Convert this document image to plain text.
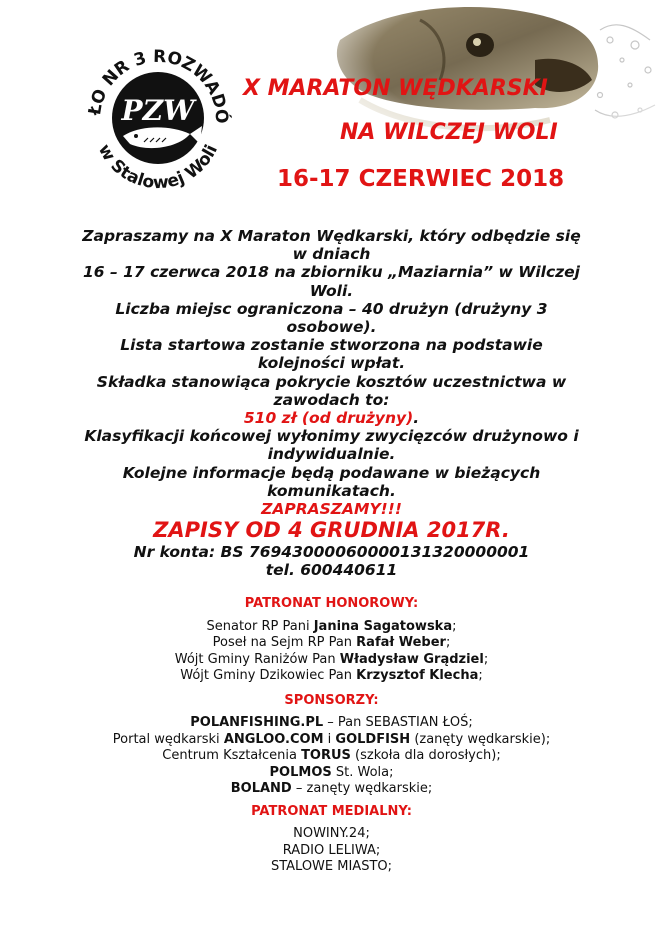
ŁO NR 3 ROZWADÓ
w Stalowej Woli
PZW
X MARATON WĘDKARSKI
NA WILCZEJ WOLI
16-17 CZERWIEC 2018

Zapraszamy na X Maraton Wędkarski, który odbędzie się

w dniach

16 – 17 czerwca 2018 na zbiorniku „Maziarnia” w Wilczej

Woli.

Liczba miejsc ograniczona – 40 drużyn (drużyny 3

osobowe).

Lista startowa zostanie stworzona na podstawie

kolejności wpłat.

Składka stanowiąca pokrycie kosztów uczestnictwa w

zawodach to:

510 zł (od drużyny).

Klasyfikacji końcowej wyłonimy zwycięzców drużynowo i

indywidualnie.

Kolejne informacje będą podawane w bieżących

komunikatach.

ZAPRASZAMY!!!

ZAPISY OD 4 GRUDNIA 2017R.

Nr konta: BS 76943000060000131320000001

tel. 600440611

PATRONAT HONOROWY:

Senator RP Pani Janina Sagatowska;

Poseł na Sejm RP Pan Rafał Weber;

Wójt Gminy Raniżów Pan Władysław Grądziel;

Wójt Gminy Dzikowiec Pan Krzysztof Klecha;

SPONSORZY:

POLANFISHING.PL – Pan SEBASTIAN ŁOŚ;

Portal wędkarski ANGLOO.COM i GOLDFISH (zanęty wędkarskie);

Centrum Kształcenia TORUS (szkoła dla dorosłych);

POLMOS St. Wola;

BOLAND – zanęty wędkarskie;

PATRONAT MEDIALNY:

NOWINY.24;

RADIO LELIWA;

STALOWE MIASTO;
